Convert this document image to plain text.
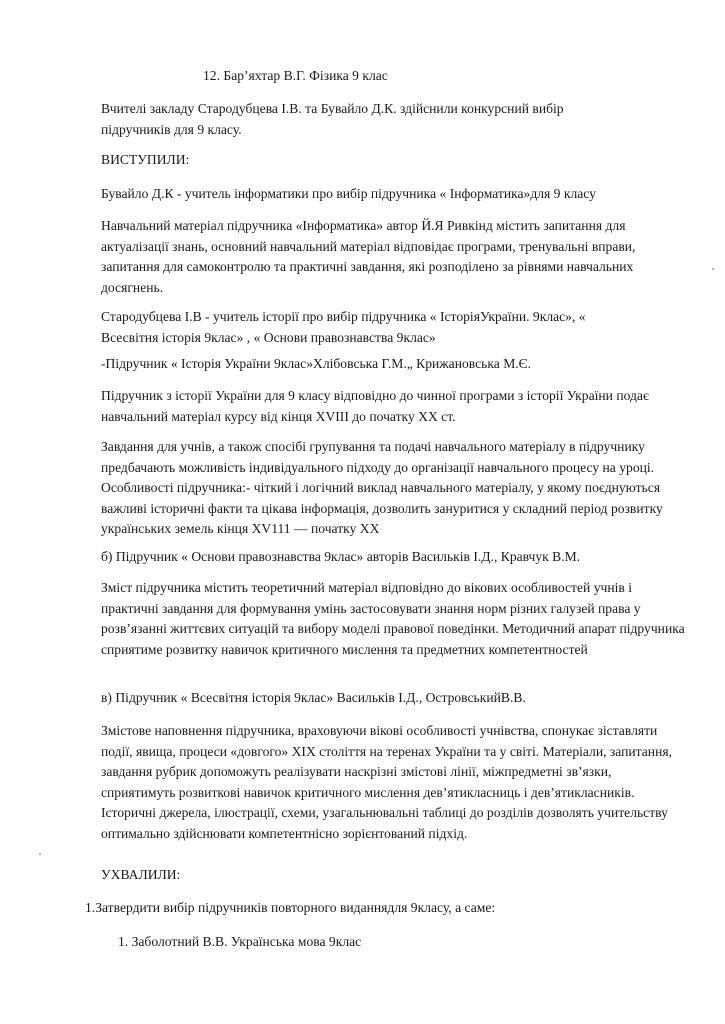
12. Бар’яхтар В.Г. Фізика 9 клас

Вчителі закладу Стародубцева І.В. та Бувайло Д.К. здійснили конкурсний вибір підручників для 9 класу.

ВИСТУПИЛИ:

Бувайло Д.К - учитель інформатики про вибір підручника « Інформатика»для 9 класу

Навчальний матеріал підручника «Інформатика» автор Й.Я Ривкінд містить запитання для актуалізації знань, основний навчальний матеріал відповідає програми, тренувальні вправи, запитання для самоконтролю та практичні завдання, які розподілено за рівнями навчальних досягнень.

Стародубцева І.В - учитель історії про вибір підручника « ІсторіяУкраїни. 9клас», « Всесвітня історія 9клас» , « Основи правознавства 9клас»

-Підручник « Історія України 9клас»Хлібовська Г.М.„ Крижановська М.Є.

Підручник з історії України для 9 класу відповідно до чинної програми з історії України подає навчальний матеріал курсу від кінця XVIII до початку XX ст.

Завдання для учнів, а також спосібі групування та подачі навчального матеріалу в підручнику предбачають можливість індивідуального підходу до організації навчального процесу на уроці. Особливості підручника:- чіткий і логічний виклад навчального матеріалу, у якому поєднуються важливі історичні факти та цікава інформація, дозволить зануритися у складний період розвитку українських земель кінця XV111 — початку XX

б) Підручник « Основи правознавства 9клас» авторів Васильків І.Д., Кравчук В.М.

Зміст підручника містить теоретичний матеріал відповідно до вікових особливостей учнів і практичні завдання для формування умінь застосовувати знання норм різних галузей права у розв’язанні життєвих ситуацій та вибору моделі правової поведінки. Методичний апарат підручника сприятиме розвитку навичок критичного мислення та предметних компетентностей

в) Підручник « Всесвітня історія 9клас» Васильків І.Д., ОстровськийВ.В.

Змістове наповнення підручника, враховуючи вікові особливості учнівства, спонукає зіставляти події, явища, процеси «довгого» XIX століття на теренах України та у світі. Матеріали, запитання, завдання рубрик допоможуть реалізувати наскрізні змістові лінії, міжпредметні зв’язки, сприятимуть розвиткові навичок критичного мислення дев’ятикласниць і дев’ятикласників. Історичні джерела, ілюстрації, схеми, узагальнювальні таблиці до розділів дозволять учительству оптимально здійснювати компетентнісно зорієнтований підхід.

УХВАЛИЛИ:

1.Затвердити вибір підручників повторного виданнядля 9класу, а саме:

1. Заболотний В.В. Українська мова 9клас
